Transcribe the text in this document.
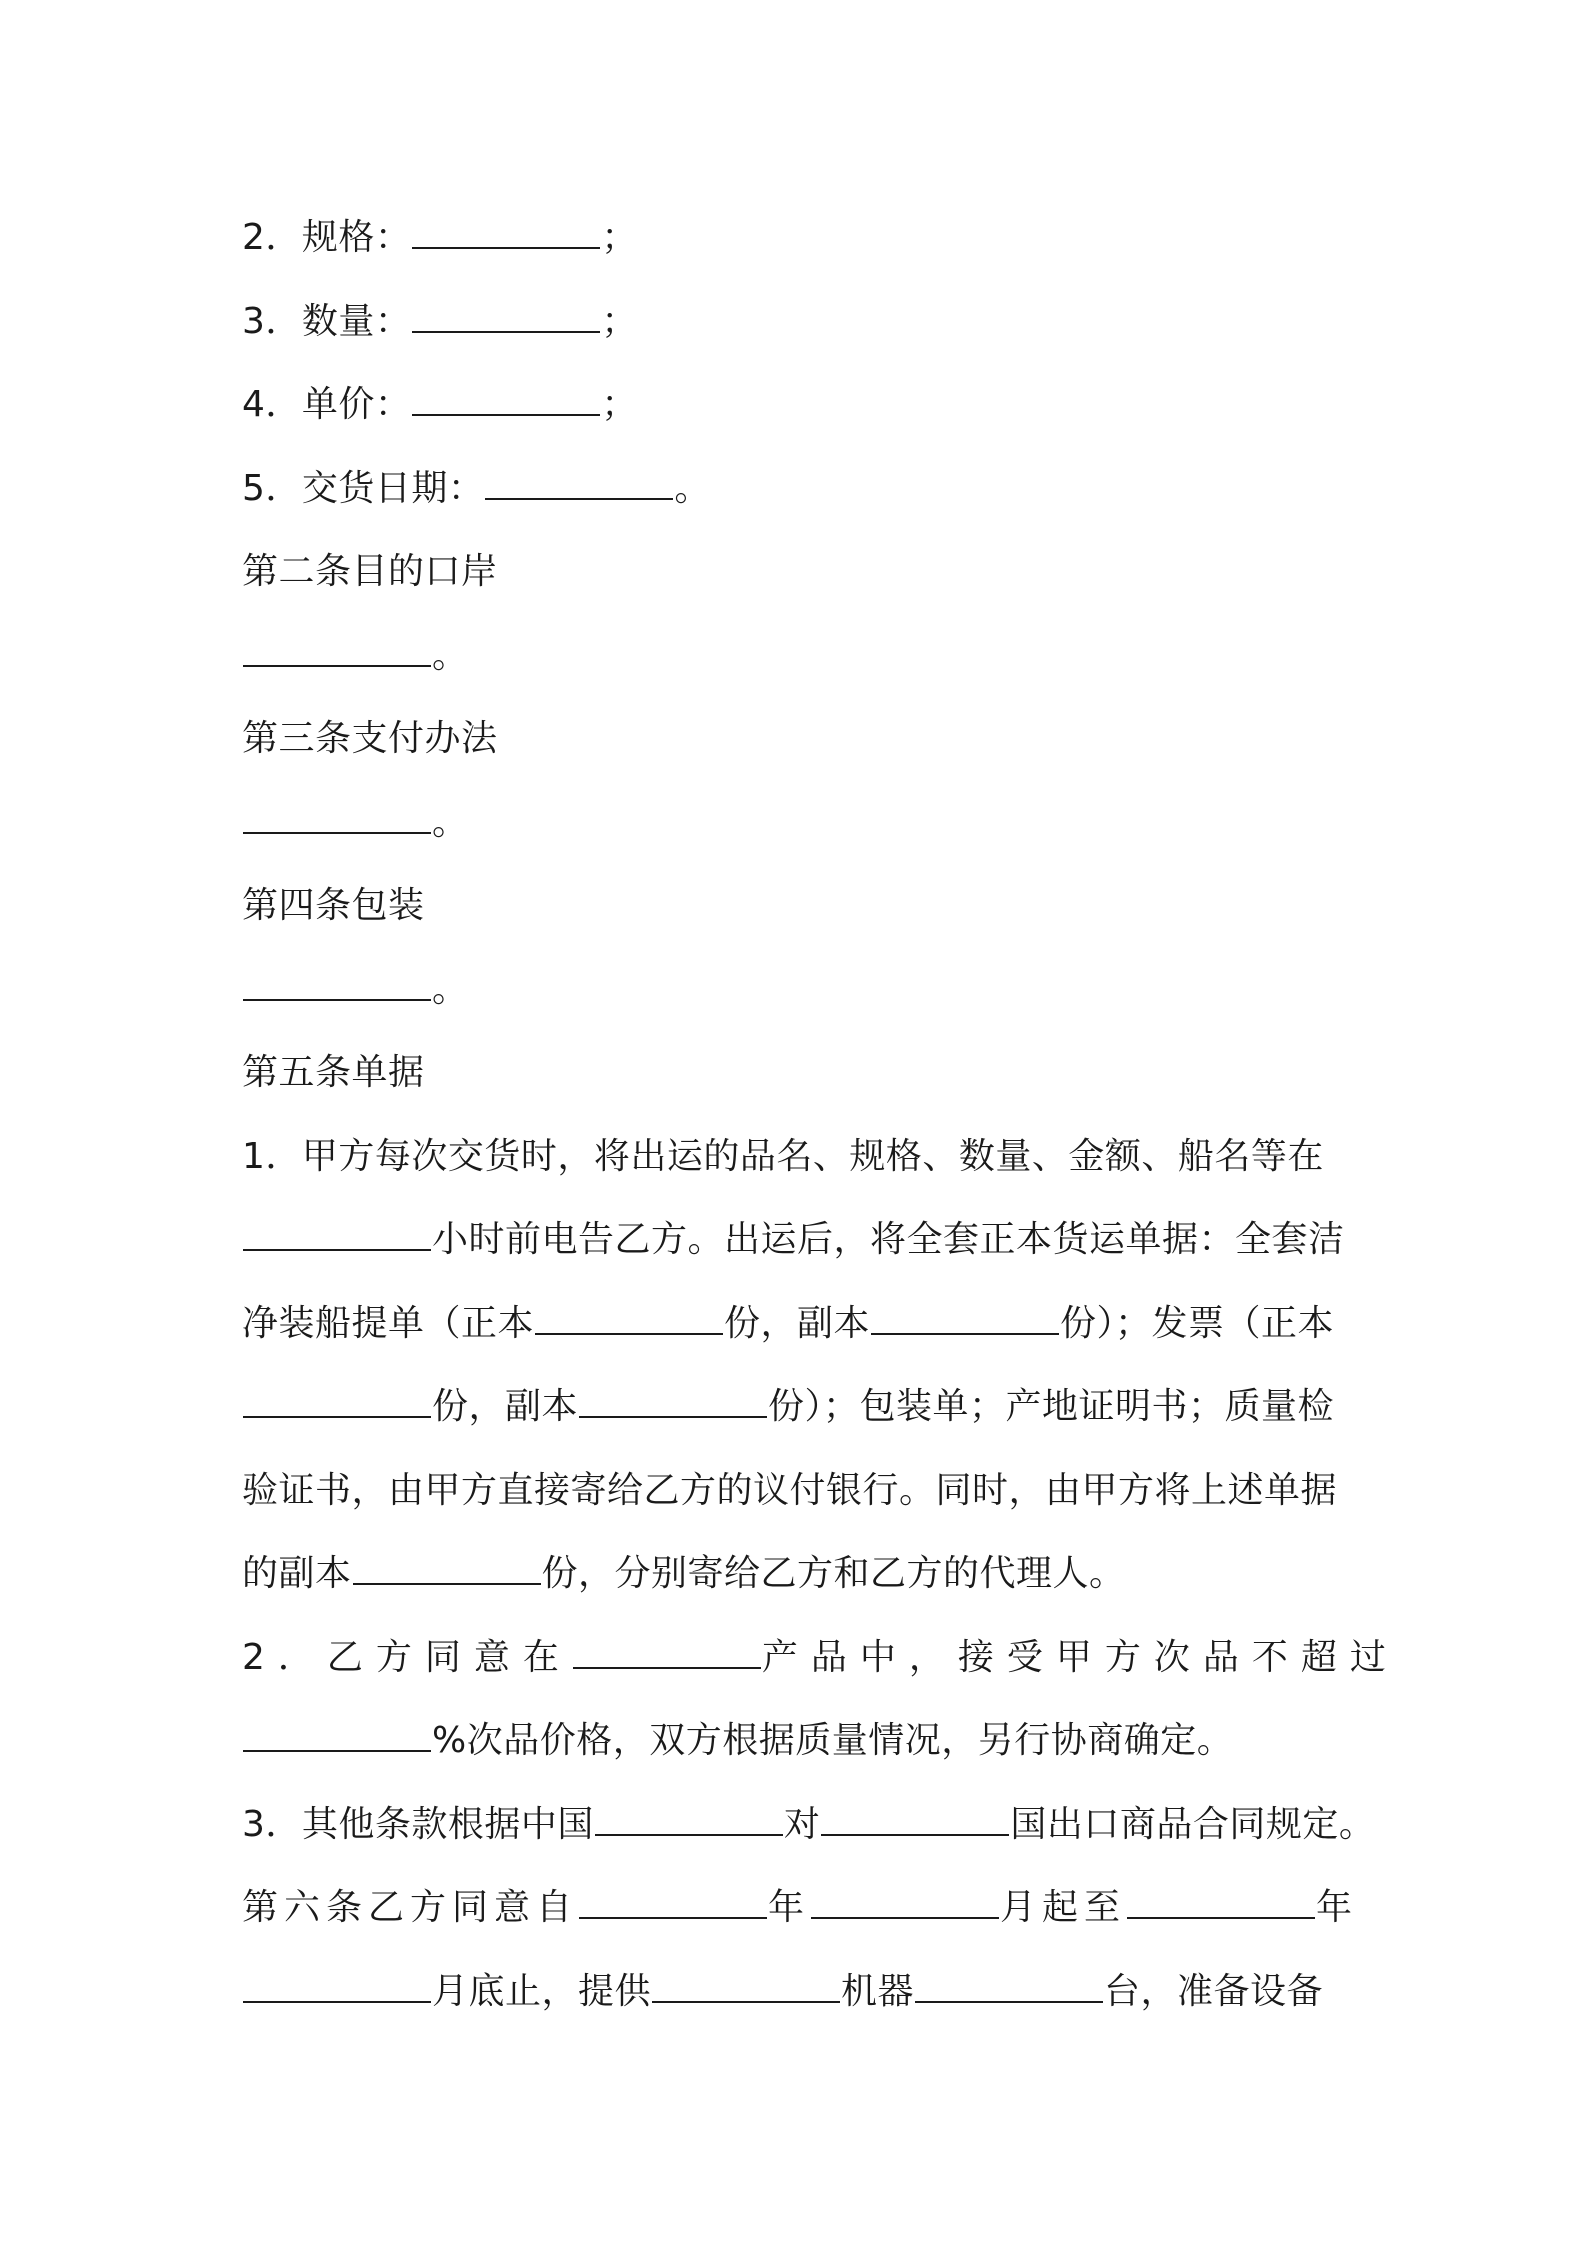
2．规格：	；
3．数量：	；
4．单价：	；
5．交货日期：	。
第二条目的口岸
。
第三条支付办法
。
第四条包装
。
第五条单据
1．甲方每次交货时，将出运的品名、规格、数量、金额、船名等在
小时前电告乙方。出运后，将全套正本货运单据：全套洁
净装船提单（正本	份，副本	份）；发票（正本
份，副本	份）；包装单；产地证明书；质量检
验证书，由甲方直接寄给乙方的议付银行。同时，由甲方将上述单据
的副本	份，分别寄给乙方和乙方的代理人。
2．乙方同意在	产品中，接受甲方次品不超过
%次品价格，双方根据质量情况，另行协商确定。
3．其他条款根据中国	对	国出口商品合同规定。
第六条乙方同意自	年	月起至	年
月底止，提供	机器	台，准备设备
